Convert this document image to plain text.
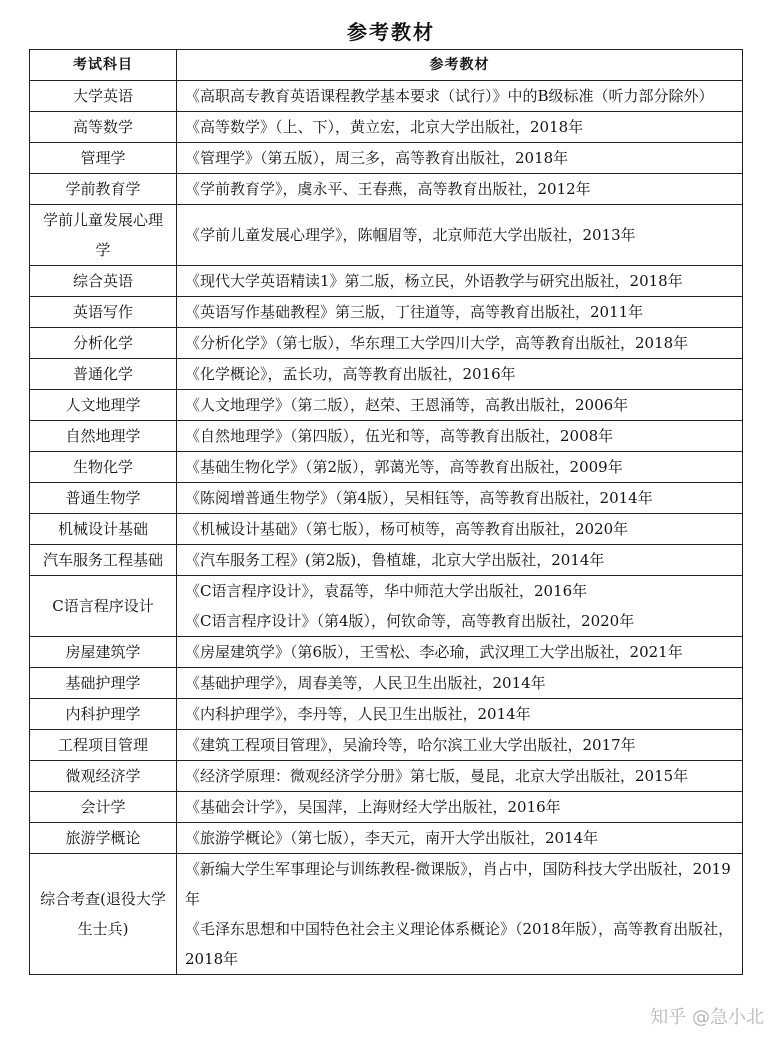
参考教材
考试科目	参考教材
大学英语	《高职高专教育英语课程教学基本要求（试行）》中的B级标准（听力部分除外）

高等数学	《高等数学》（上、下），黄立宏，北京大学出版社，2018年

管理学	《管理学》（第五版），周三多，高等教育出版社，2018年

学前教育学	《学前教育学》，虞永平、王春燕，高等教育出版社，2012年

学前儿童发展心理学	《学前儿童发展心理学》，陈帼眉等，北京师范大学出版社，2013年

综合英语	《现代大学英语精读1》第二版，杨立民，外语教学与研究出版社，2018年

英语写作	《英语写作基础教程》第三版，丁往道等，高等教育出版社，2011年

分析化学	《分析化学》（第七版），华东理工大学四川大学，高等教育出版社，2018年

普通化学	《化学概论》，孟长功，高等教育出版社，2016年

人文地理学	《人文地理学》（第二版），赵荣、王恩涌等，高教出版社，2006年

自然地理学	《自然地理学》（第四版），伍光和等，高等教育出版社，2008年

生物化学	《基础生物化学》（第2版），郭蔼光等，高等教育出版社，2009年

普通生物学	《陈阅增普通生物学》（第4版），吴相钰等，高等教育出版社，2014年

机械设计基础	《机械设计基础》（第七版），杨可桢等，高等教育出版社，2020年

汽车服务工程基础	《汽车服务工程》(第2版)，鲁植雄，北京大学出版社，2014年

C语言程序设计	《C语言程序设计》，袁磊等，华中师范大学出版社，2016年
《C语言程序设计》（第4版），何钦命等，高等教育出版社，2020年

房屋建筑学	《房屋建筑学》（第6版），王雪松、李必瑜，武汉理工大学出版社，2021年

基础护理学	《基础护理学》，周春美等，人民卫生出版社，2014年

内科护理学	《内科护理学》，李丹等，人民卫生出版社，2014年

工程项目管理	《建筑工程项目管理》，吴渝玲等，哈尔滨工业大学出版社，2017年

微观经济学	《经济学原理：微观经济学分册》第七版，曼昆，北京大学出版社，2015年

会计学	《基础会计学》，吴国萍，上海财经大学出版社，2016年

旅游学概论	《旅游学概论》（第七版），李天元，南开大学出版社，2014年

综合考查(退役大学生士兵)	《新编大学生军事理论与训练教程-微课版》，肖占中，国防科技大学出版社，2019年
《毛泽东思想和中国特色社会主义理论体系概论》（2018年版），高等教育出版社，2018年
知乎 @急小北
